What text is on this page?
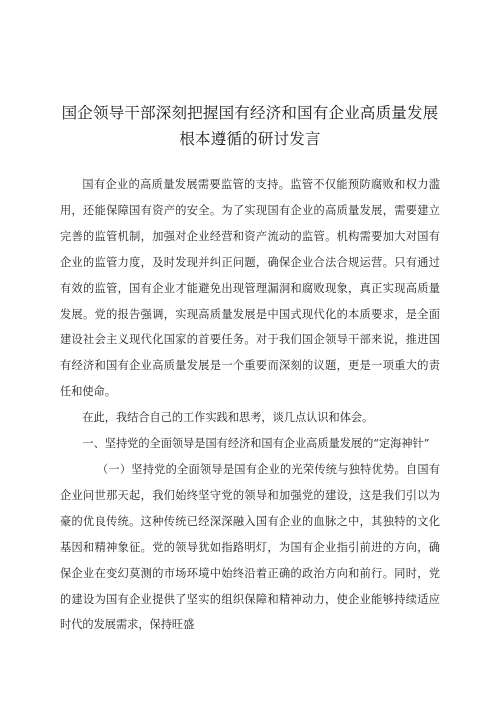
国企领导干部深刻把握国有经济和国有企业高质量发展
根本遵循的研讨发言

国有企业的高质量发展需要监管的支持。监管不仅能预防腐败和权力滥用，还能保障国有资产的安全。为了实现国有企业的高质量发展，需要建立完善的监管机制，加强对企业经营和资产流动的监管。机构需要加大对国有企业的监管力度，及时发现并纠正问题，确保企业合法合规运营。只有通过有效的监管，国有企业才能避免出现管理漏洞和腐败现象，真正实现高质量发展。党的报告强调，实现高质量发展是中国式现代化的本质要求，是全面建设社会主义现代化国家的首要任务。对于我们国企领导干部来说，推进国有经济和国有企业高质量发展是一个重要而深刻的议题，更是一项重大的责任和使命。

在此，我结合自己的工作实践和思考，谈几点认识和体会。

一、坚持党的全面领导是国有经济和国有企业高质量发展的“定海神针”

（一）坚持党的全面领导是国有企业的光荣传统与独特优势。自国有企业问世那天起，我们始终坚守党的领导和加强党的建设，这是我们引以为豪的优良传统。这种传统已经深深融入国有企业的血脉之中，其独特的文化基因和精神象征。党的领导犹如指路明灯，为国有企业指引前进的方向，确保企业在变幻莫测的市场环境中始终沿着正确的政治方向和前行。同时，党的建设为国有企业提供了坚实的组织保障和精神动力，使企业能够持续适应时代的发展需求，保持旺盛
